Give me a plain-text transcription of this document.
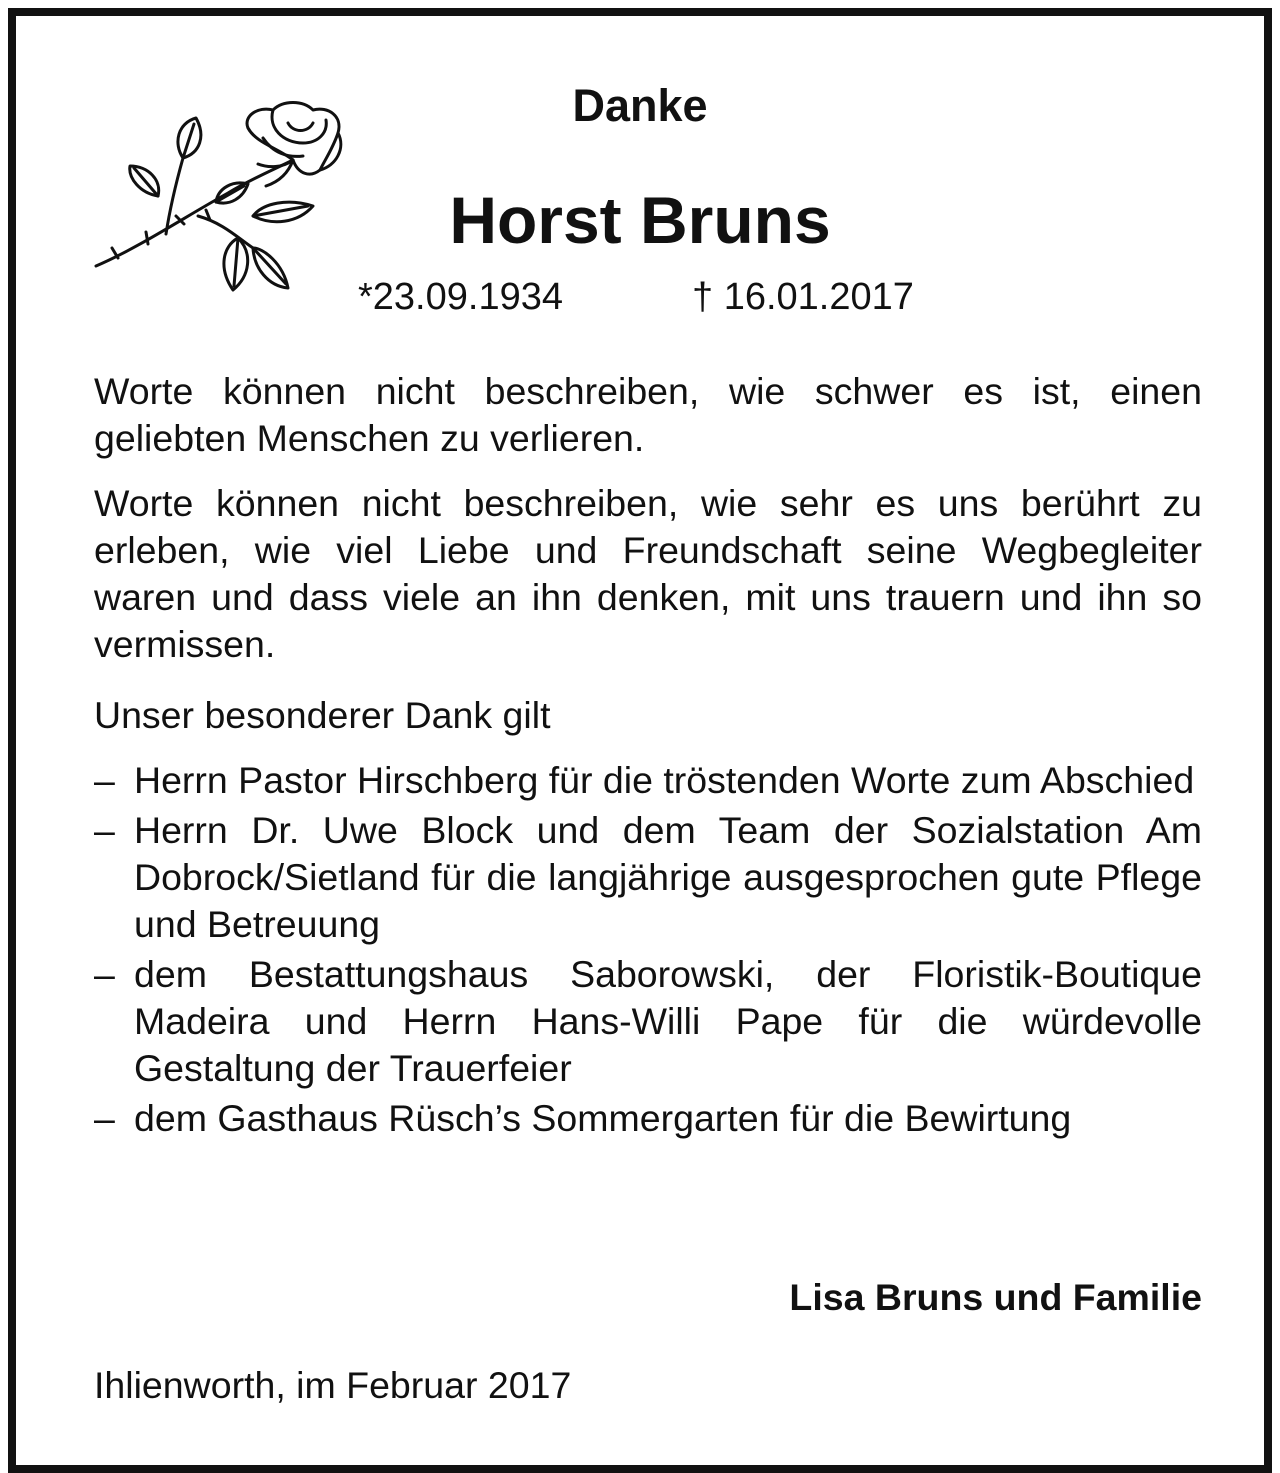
Danke
Horst Bruns
*23.09.1934	† 16.01.2017

Worte können nicht beschreiben, wie schwer es ist, einen geliebten Menschen zu verlieren.

Worte können nicht beschreiben, wie sehr es uns berührt zu erleben, wie viel Liebe und Freundschaft seine Wegbegleiter waren und dass viele an ihn denken, mit uns trauern und ihn so vermissen.

Unser besonderer Dank gilt

– Herrn Pastor Hirschberg für die tröstenden Worte zum Abschied
– Herrn Dr. Uwe Block und dem Team der Sozialstation Am Dobrock/Sietland für die langjährige ausgesprochen gute Pflege und Betreuung
– dem Bestattungshaus Saborowski, der Floristik-Boutique Madeira und Herrn Hans-Willi Pape für die würdevolle Gestaltung der Trauerfeier
– dem Gasthaus Rüsch’s Sommergarten für die Bewirtung
Lisa Bruns und Familie
Ihlienworth, im Februar 2017
